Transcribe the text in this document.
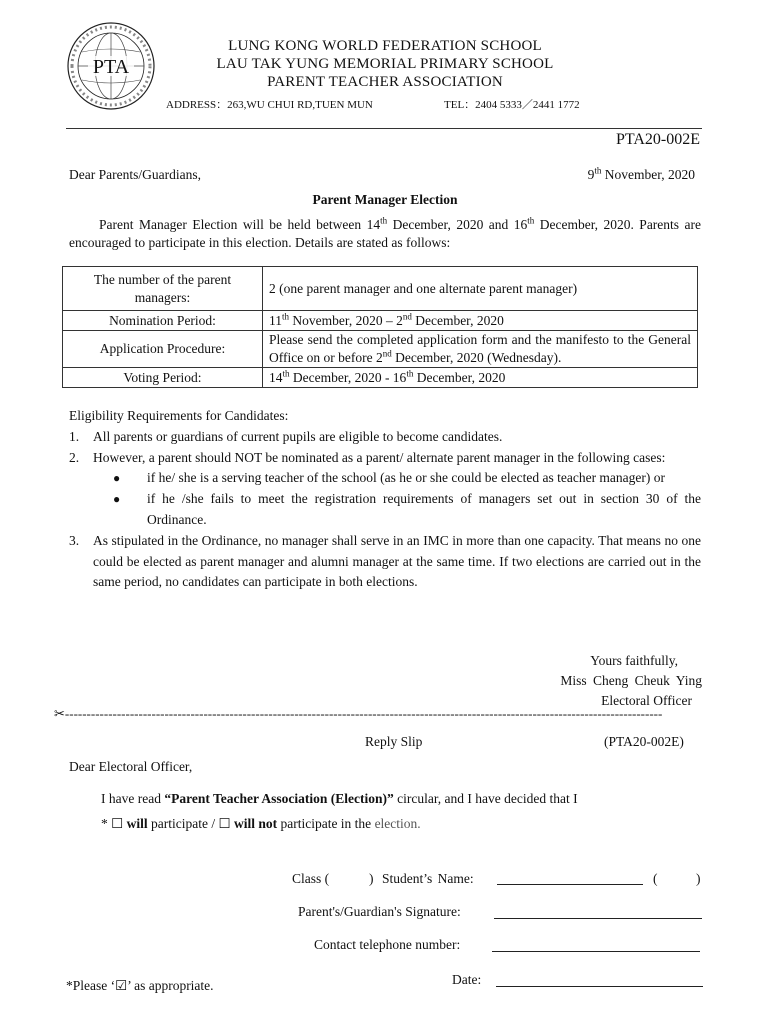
PTA
LUNG KONG WORLD FEDERATION SCHOOL
LAU TAK YUNG MEMORIAL PRIMARY SCHOOL
PARENT TEACHER ASSOCIATION
ADDRESS：263,WU CHUI RD,TUEN MUN	TEL：2404 5333／2441 1772
PTA20-002E
Dear Parents/Guardians,	9th November, 2020
Parent Manager Election
Parent Manager Election will be held between 14th December, 2020 and 16th December, 2020. Parents are encouraged to participate in this election. Details are stated as follows:
The number of the parent managers:	2 (one parent manager and one alternate parent manager)
Nomination Period:	11th November, 2020 – 2nd December, 2020
Application Procedure:	Please send the completed application form and the manifesto to the General Office on or before 2nd December, 2020 (Wednesday).
Voting Period:	14th December, 2020 - 16th December, 2020
Eligibility Requirements for Candidates:
1. All parents or guardians of current pupils are eligible to become candidates.
2. However, a parent should NOT be nominated as a parent/ alternate parent manager in the following cases:
● if he/ she is a serving teacher of the school (as he or she could be elected as teacher manager) or
● if he /she fails to meet the registration requirements of managers set out in section 30 of the Ordinance.
3. As stipulated in the Ordinance, no manager shall serve in an IMC in more than one capacity. That means no one could be elected as parent manager and alumni manager at the same time. If two elections are carried out in the same period, no candidates can participate in both elections.
Yours faithfully,
Miss Cheng Cheuk Ying
Electoral Officer
✂------------------------------------------------------------------------------------------------------------------------------------------
Reply Slip	(PTA20-002E)
Dear Electoral Officer,
I have read “Parent Teacher Association (Election)” circular, and I have decided that I
* ☐ will participate / ☐ will not participate in the election.
Class (	) Student’s Name:	(	)
Parent's/Guardian's Signature:
Contact telephone number:
Date:
*Please ‘☑’ as appropriate.
